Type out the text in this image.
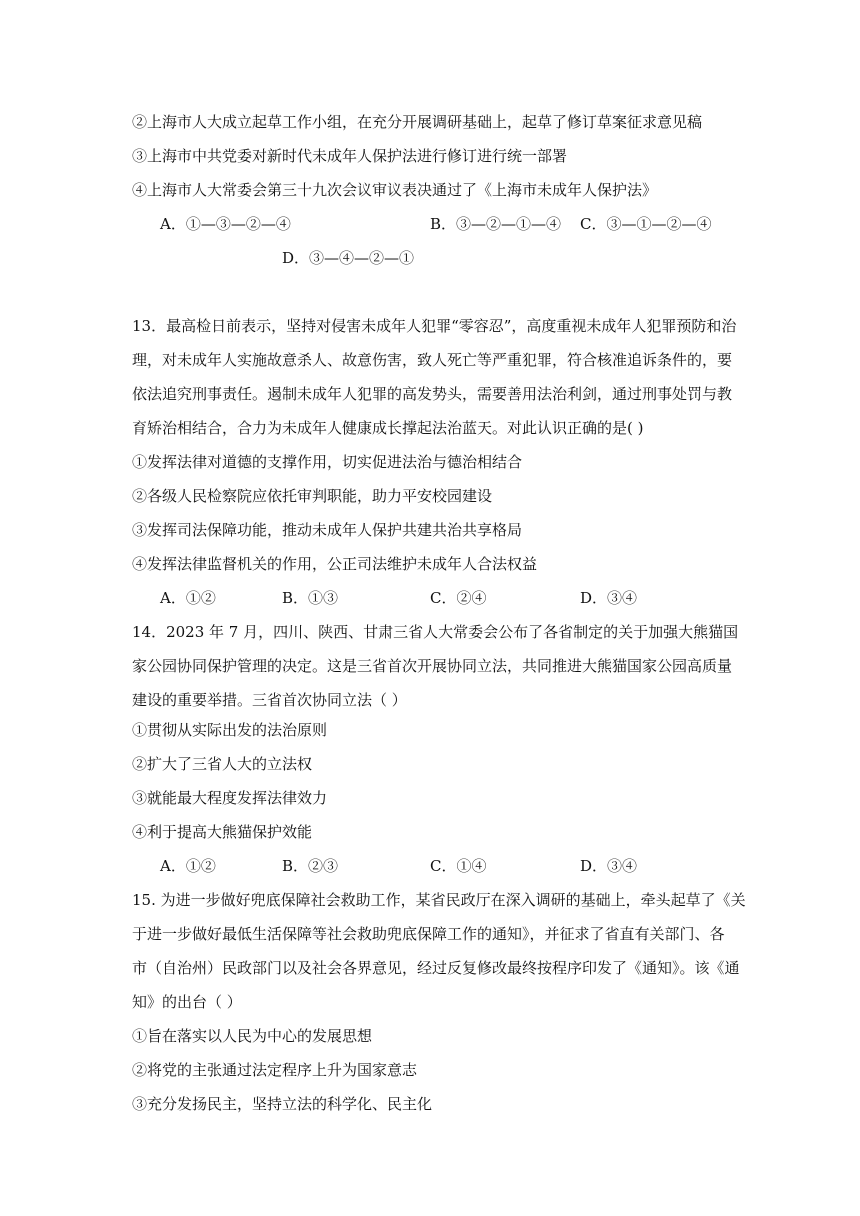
②上海市人大成立起草工作小组，在充分开展调研基础上，起草了修订草案征求意见稿
③上海市中共党委对新时代未成年人保护法进行修订进行统一部署
④上海市人大常委会第三十九次会议审议表决通过了《上海市未成年人保护法》
A．①—③—②—④	B．③—②—①—④ C．③—①—②—④
D．③—④—②—①
13．最高检日前表示，坚持对侵害未成年人犯罪“零容忍”，高度重视未成年人犯罪预防和治
理，对未成年人实施故意杀人、故意伤害，致人死亡等严重犯罪，符合核准追诉条件的，要
依法追究刑事责任。遏制未成年人犯罪的高发势头，需要善用法治利剑，通过刑事处罚与教
育矫治相结合，合力为未成年人健康成长撑起法治蓝天。对此认识正确的是( )
①发挥法律对道德的支撑作用，切实促进法治与德治相结合
②各级人民检察院应依托审判职能，助力平安校园建设
③发挥司法保障功能，推动未成年人保护共建共治共享格局
④发挥法律监督机关的作用，公正司法维护未成年人合法权益
A．①②	B．①③	C．②④	D．③④
14．2023 年 7 月，四川、陕西、甘肃三省人大常委会公布了各省制定的关于加强大熊猫国
家公园协同保护管理的决定。这是三省首次开展协同立法，共同推进大熊猫国家公园高质量
建设的重要举措。三省首次协同立法（ ）
①贯彻从实际出发的法治原则
②扩大了三省人大的立法权
③就能最大程度发挥法律效力
④利于提高大熊猫保护效能
A．①②	B．②③	C．①④	D．③④
15. 为进一步做好兜底保障社会救助工作，某省民政厅在深入调研的基础上，牵头起草了《关
于进一步做好最低生活保障等社会救助兜底保障工作的通知》，并征求了省直有关部门、各
市（自治州）民政部门以及社会各界意见，经过反复修改最终按程序印发了《通知》。该《通
知》的出台（ ）
①旨在落实以人民为中心的发展思想
②将党的主张通过法定程序上升为国家意志
③充分发扬民主，坚持立法的科学化、民主化
